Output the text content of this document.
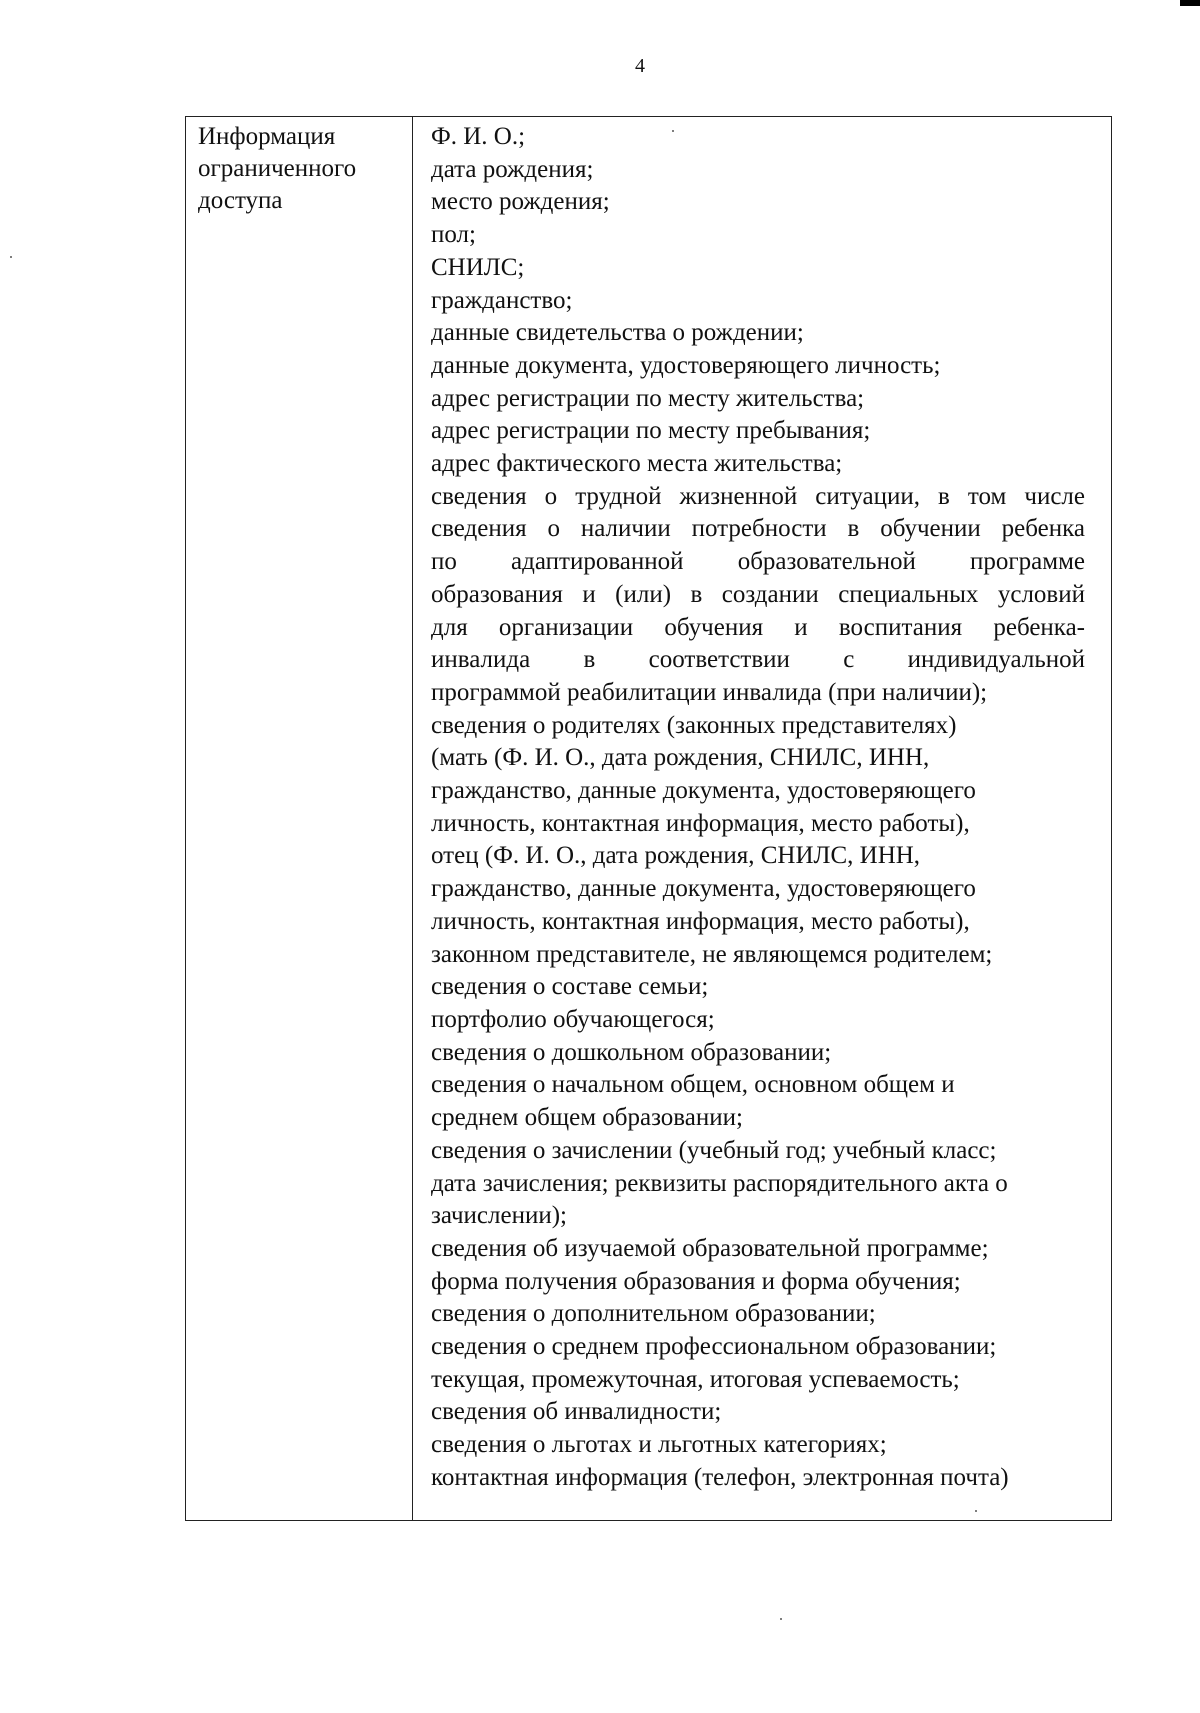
4
Информация
ограниченного
доступа
Ф. И. О.;
дата рождения;
место рождения;
пол;
СНИЛС;
гражданство;
данные свидетельства о рождении;
данные документа, удостоверяющего личность;
адрес регистрации по месту жительства;
адрес регистрации по месту пребывания;
адрес фактического места жительства;
сведения о трудной жизненной ситуации, в том числе
сведения о наличии потребности в обучении ребенка
по адаптированной образовательной программе
образования и (или) в создании специальных условий
для организации обучения и воспитания ребенка-
инвалида в соответствии с индивидуальной
программой реабилитации инвалида (при наличии);
сведения о родителях (законных представителях)
(мать (Ф. И. О., дата рождения, СНИЛС, ИНН,
гражданство, данные документа, удостоверяющего
личность, контактная информация, место работы),
отец (Ф. И. О., дата рождения, СНИЛС, ИНН,
гражданство, данные документа, удостоверяющего
личность, контактная информация, место работы),
законном представителе, не являющемся родителем;
сведения о составе семьи;
портфолио обучающегося;
сведения о дошкольном образовании;
сведения о начальном общем, основном общем и
среднем общем образовании;
сведения о зачислении (учебный год; учебный класс;
дата зачисления; реквизиты распорядительного акта о
зачислении);
сведения об изучаемой образовательной программе;
форма получения образования и форма обучения;
сведения о дополнительном образовании;
сведения о среднем профессиональном образовании;
текущая, промежуточная, итоговая успеваемость;
сведения об инвалидности;
сведения о льготах и льготных категориях;
контактная информация (телефон, электронная почта)
